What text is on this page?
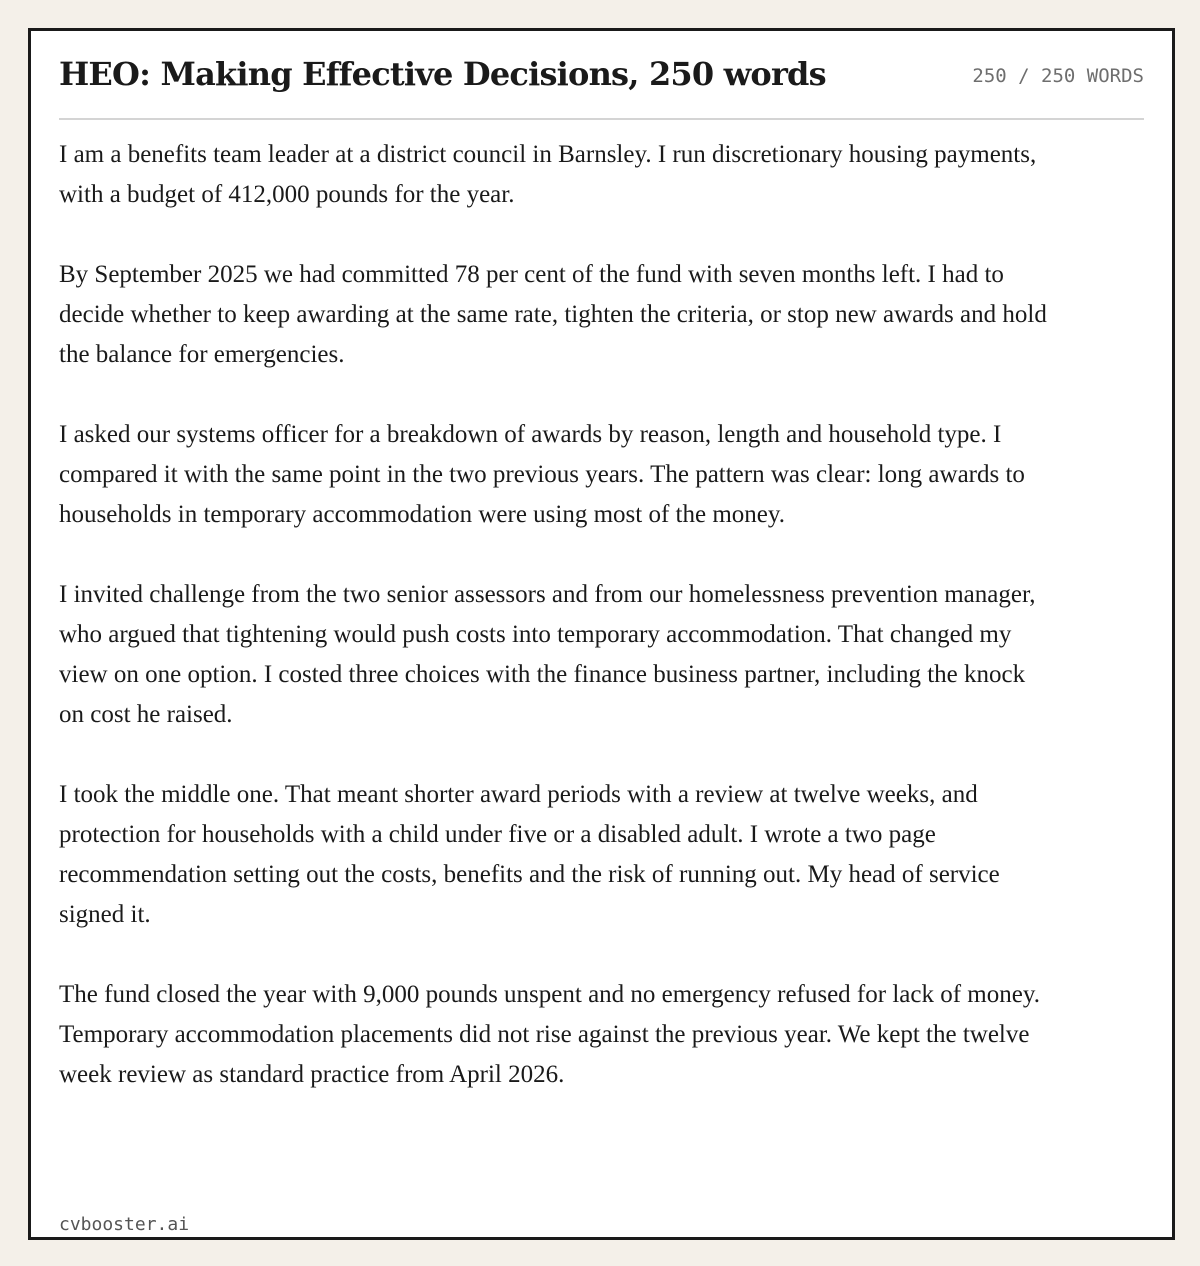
HEO: Making Effective Decisions, 250 words	250 / 250 WORDS

I am a benefits team leader at a district council in Barnsley. I run discretionary housing payments, with a budget of 412,000 pounds for the year.

By September 2025 we had committed 78 per cent of the fund with seven months left. I had to decide whether to keep awarding at the same rate, tighten the criteria, or stop new awards and hold the balance for emergencies.

I asked our systems officer for a breakdown of awards by reason, length and household type. I compared it with the same point in the two previous years. The pattern was clear: long awards to households in temporary accommodation were using most of the money.

I invited challenge from the two senior assessors and from our homelessness prevention manager, who argued that tightening would push costs into temporary accommodation. That changed my view on one option. I costed three choices with the finance business partner, including the knock on cost he raised.

I took the middle one. That meant shorter award periods with a review at twelve weeks, and protection for households with a child under five or a disabled adult. I wrote a two page recommendation setting out the costs, benefits and the risk of running out. My head of service signed it.

The fund closed the year with 9,000 pounds unspent and no emergency refused for lack of money. Temporary accommodation placements did not rise against the previous year. We kept the twelve week review as standard practice from April 2026.

cvbooster.ai
